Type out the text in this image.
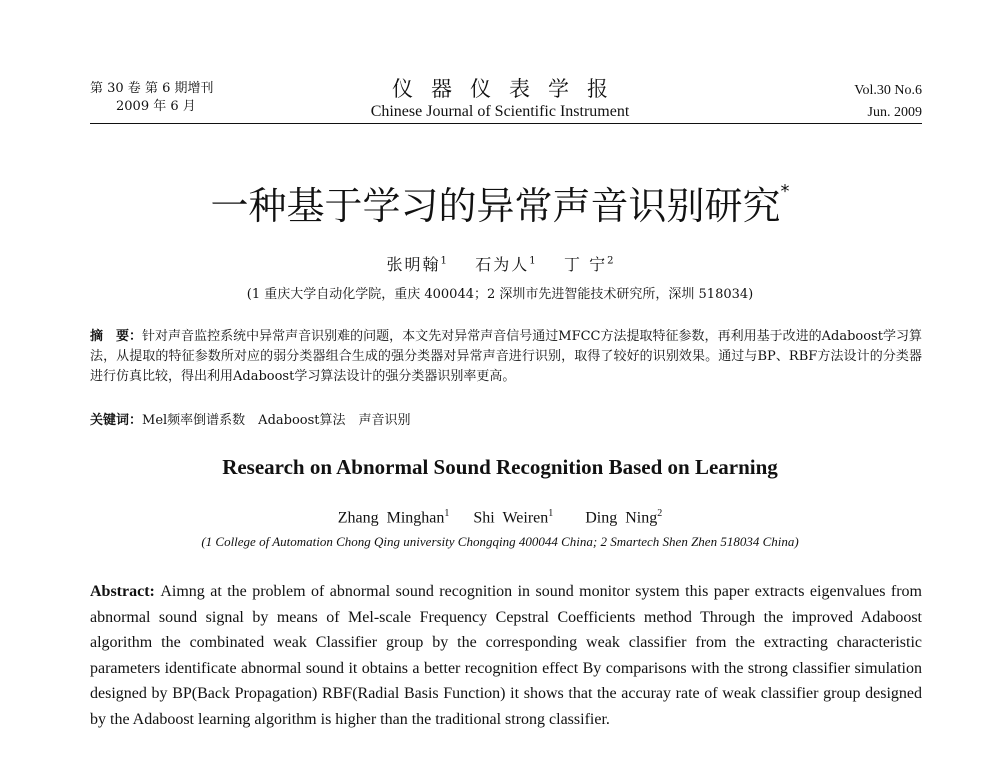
第 30 卷 第 6 期增刊
2009 年 6 月
仪器仪表学报
Chinese Journal of Scientific Instrument
Vol.30 No.6
Jun. 2009
一种基于学习的异常声音识别研究*
张明翰$^1$ 石为人$^1$ 丁 宁$^2$
(1 重庆大学自动化学院，重庆 400044；2 深圳市先进智能技术研究所，深圳 518034)
摘　要：针对声音监控系统中异常声音识别难的问题，本文先对异常声音信号通过MFCC方法提取特征参数，再利用基于改进的Adaboost学习算法，从提取的特征参数所对应的弱分类器组合生成的强分类器对异常声音进行识别，取得了较好的识别效果。通过与BP、RBF方法设计的分类器进行仿真比较，得出利用Adaboost学习算法设计的强分类器识别率更高。
关键词：Mel频率倒谱系数　Adaboost算法　声音识别
Research on Abnormal Sound Recognition Based on Learning
Zhang Minghan$^1$ Shi Weiren$^1$ Ding Ning$^2$
(1 College of Automation Chong Qing university Chongqing 400044 China; 2 Smartech Shen Zhen 518034 China)
Abstract: Aimng at the problem of abnormal sound recognition in sound monitor system this paper extracts eigenvalues from abnormal sound signal by means of Mel-scale Frequency Cepstral Coefficients method Through the improved Adaboost algorithm the combinated weak Classifier group by the corresponding weak classifier from the extracting characteristic parameters identificate abnormal sound it obtains a better recognition effect By comparisons with the strong classifier simulation designed by BP(Back Propagation) RBF(Radial Basis Function) it shows that the accuray rate of weak classifier group designed by the Adaboost learning algorithm is higher than the traditional strong classifier.
